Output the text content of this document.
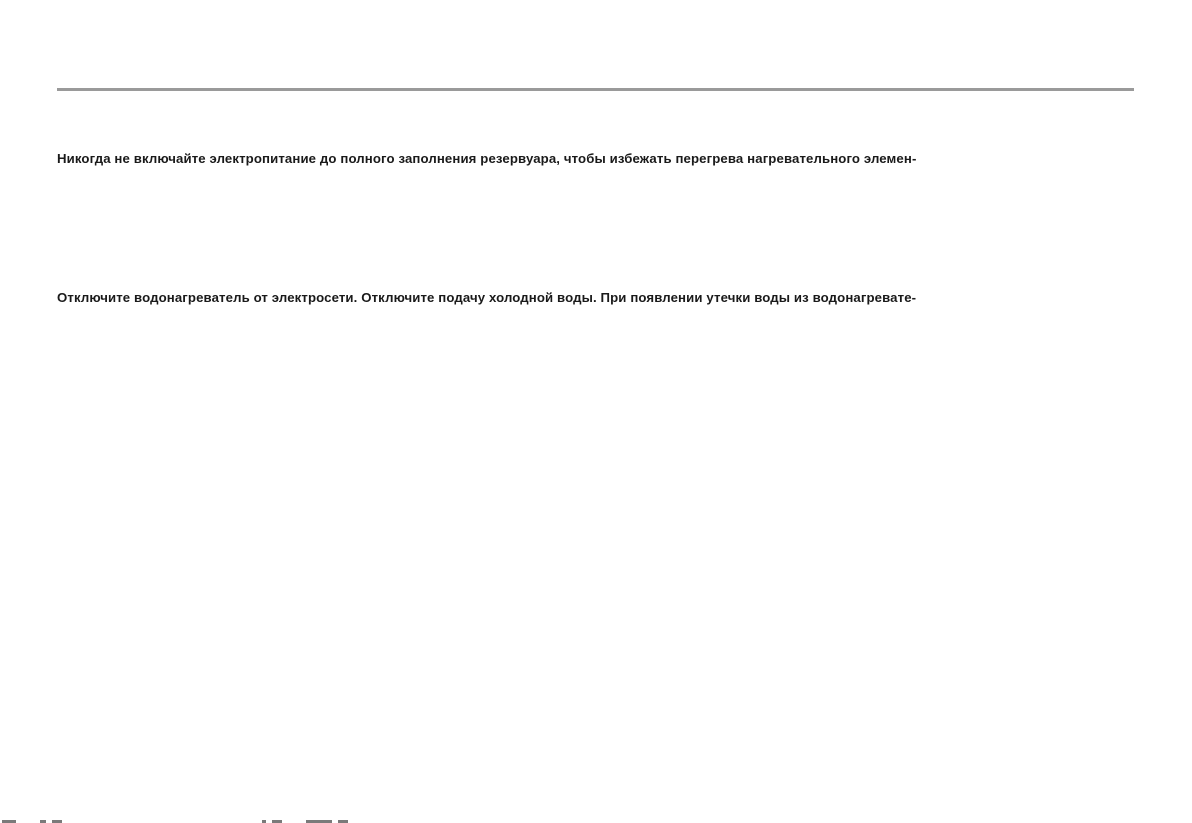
Никогда не включайте электропитание до полного заполнения резервуара, чтобы избежать перегрева нагревательного элемен-

Отключите водонагреватель от электросети. Отключите подачу холодной воды. При появлении утечки воды из водонагревате-
